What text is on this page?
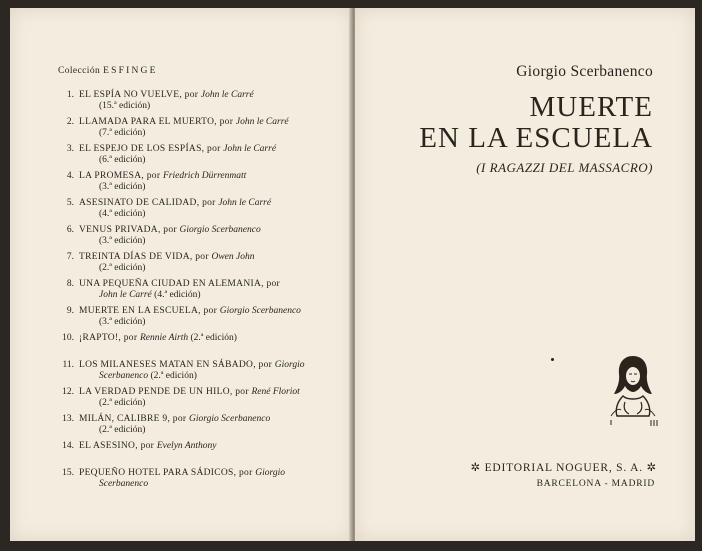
Colección ESFINGE
1. EL ESPÍA NO VUELVE, por John le Carré
(15.ª edición)
2. LLAMADA PARA EL MUERTO, por John le Carré
(7.ª edición)
3. EL ESPEJO DE LOS ESPÍAS, por John le Carré
(6.ª edición)
4. LA PROMESA, por Friedrich Dürrenmatt
(3.ª edición)
5. ASESINATO DE CALIDAD, por John le Carré
(4.ª edición)
6. VENUS PRIVADA, por Giorgio Scerbanenco
(3.ª edición)
7. TREINTA DÍAS DE VIDA, por Owen John
(2.ª edición)
8. UNA PEQUEÑA CIUDAD EN ALEMANIA, por
John le Carré (4.ª edición)
9. MUERTE EN LA ESCUELA, por Giorgio Scerbanenco
(3.ª edición)
10. ¡RAPTO!, por Rennie Airth (2.ª edición)
11. LOS MILANESES MATAN EN SÁBADO, por Giorgio
Scerbanenco (2.ª edición)
12. LA VERDAD PENDE DE UN HILO, por René Floriot
(2.ª edición)
13. MILÁN, CALIBRE 9, por Giorgio Scerbanenco
(2.ª edición)
14. EL ASESINO, por Evelyn Anthony
15. PEQUEÑO HOTEL PARA SÁDICOS, por Giorgio
Scerbanenco
Giorgio Scerbanenco
MUERTE
EN LA ESCUELA
(I RAGAZZI DEL MASSACRO)
✲ EDITORIAL NOGUER, S. A. ✲
BARCELONA - MADRID
